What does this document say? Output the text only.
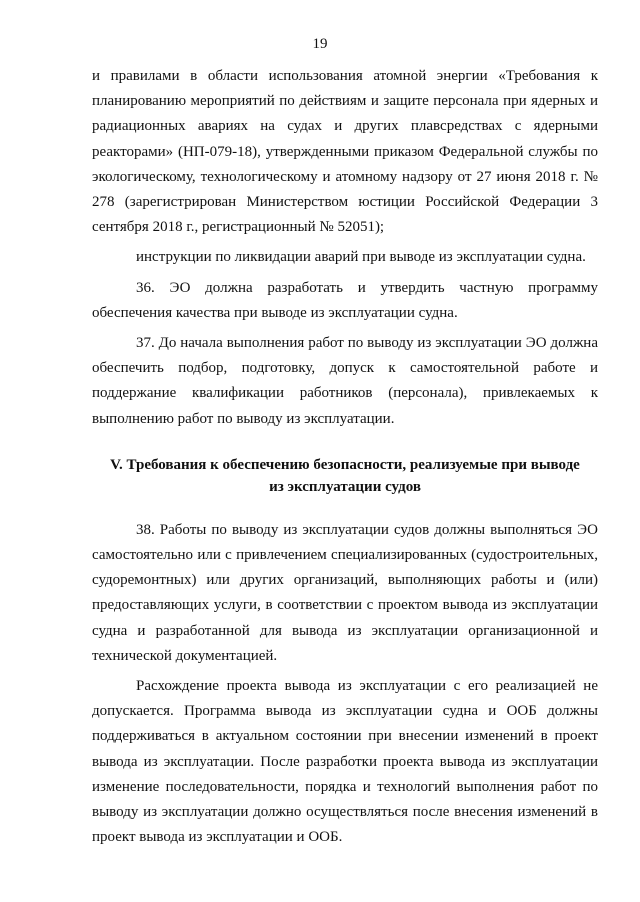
19

и правилами в области использования атомной энергии «Требования к планированию мероприятий по действиям и защите персонала при ядерных и радиационных авариях на судах и других плавсредствах с ядерными реакторами» (НП-079-18), утвержденными приказом Федеральной службы по экологическому, технологическому и атомному надзору от 27 июня 2018 г. № 278 (зарегистрирован Министерством юстиции Российской Федерации 3 сентября 2018 г., регистрационный № 52051);

инструкции по ликвидации аварий при выводе из эксплуатации судна.

36. ЭО должна разработать и утвердить частную программу обеспечения качества при выводе из эксплуатации судна.

37. До начала выполнения работ по выводу из эксплуатации ЭО должна обеспечить подбор, подготовку, допуск к самостоятельной работе и поддержание квалификации работников (персонала), привлекаемых к выполнению работ по выводу из эксплуатации.

V. Требования к обеспечению безопасности, реализуемые при выводе
из эксплуатации судов

38. Работы по выводу из эксплуатации судов должны выполняться ЭО самостоятельно или с привлечением специализированных (судостроительных, судоремонтных) или других организаций, выполняющих работы и (или) предоставляющих услуги, в соответствии с проектом вывода из эксплуатации судна и разработанной для вывода из эксплуатации организационной и технической документацией.

Расхождение проекта вывода из эксплуатации с его реализацией не допускается. Программа вывода из эксплуатации судна и ООБ должны поддерживаться в актуальном состоянии при внесении изменений в проект вывода из эксплуатации. После разработки проекта вывода из эксплуатации изменение последовательности, порядка и технологий выполнения работ по выводу из эксплуатации должно осуществляться после внесения изменений в проект вывода из эксплуатации и ООБ.
